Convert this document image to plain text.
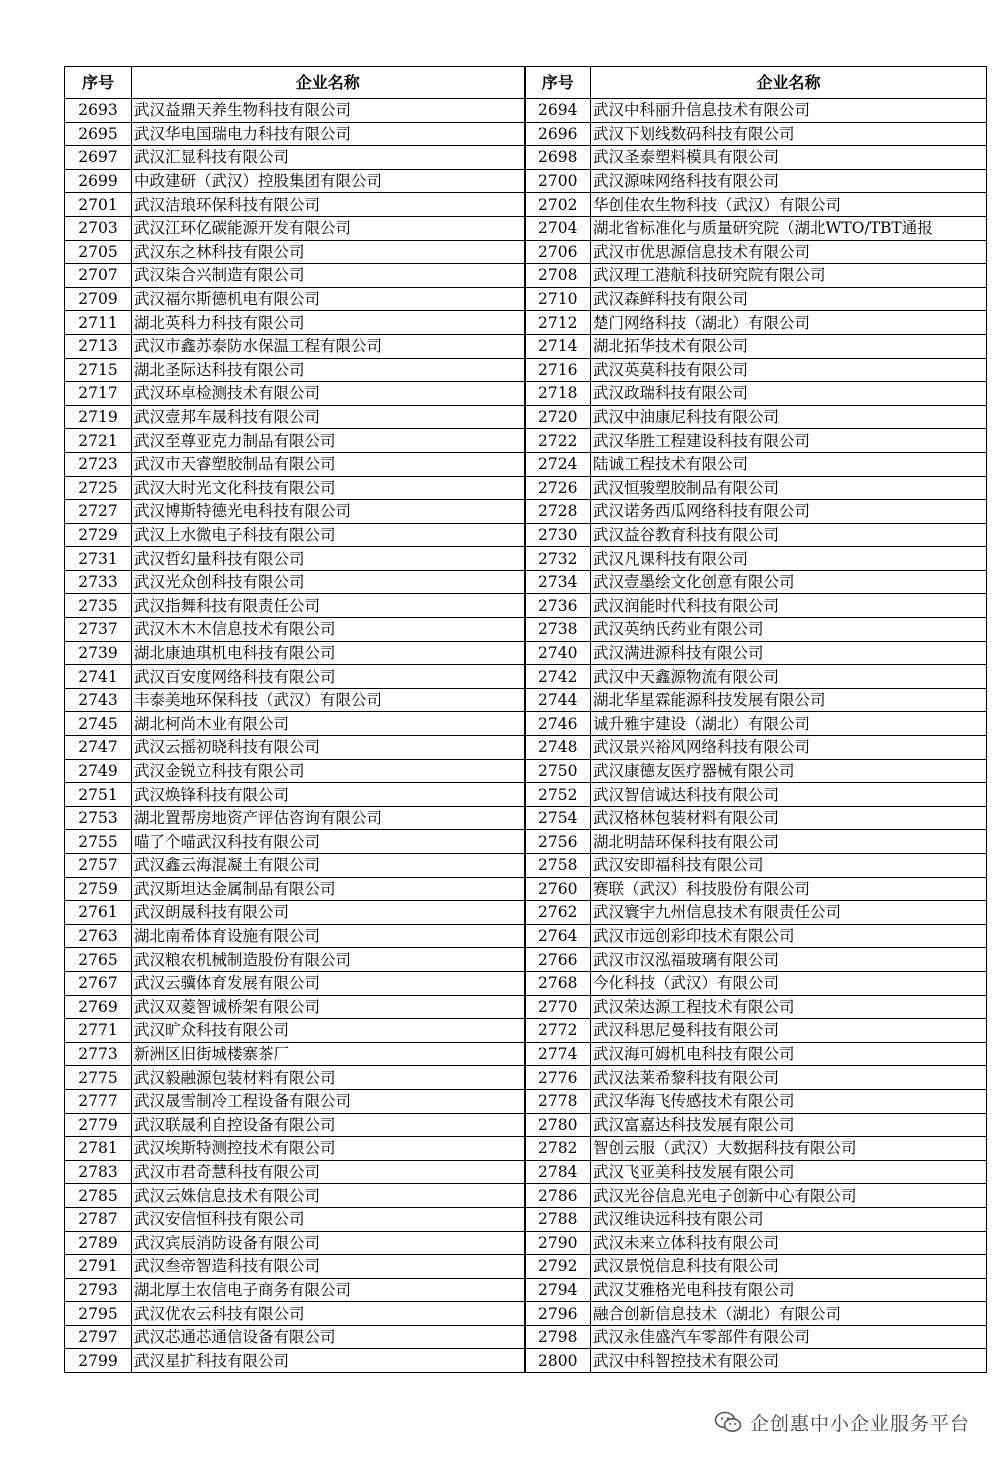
序号	企业名称	序号	企业名称
2693	武汉益鼎天养生物科技有限公司	2694	武汉中科丽升信息技术有限公司
2695	武汉华电国瑞电力科技有限公司	2696	武汉下划线数码科技有限公司
2697	武汉汇显科技有限公司	2698	武汉圣泰塑料模具有限公司
2699	中政建研（武汉）控股集团有限公司	2700	武汉源味网络科技有限公司
2701	武汉洁琅环保科技有限公司	2702	华创佳农生物科技（武汉）有限公司
2703	武汉江环亿碳能源开发有限公司	2704	湖北省标准化与质量研究院（湖北WTO/TBT通报
2705	武汉东之林科技有限公司	2706	武汉市优思源信息技术有限公司
2707	武汉柒合兴制造有限公司	2708	武汉理工港航科技研究院有限公司
2709	武汉福尔斯德机电有限公司	2710	武汉森鲜科技有限公司
2711	湖北英科力科技有限公司	2712	楚门网络科技（湖北）有限公司
2713	武汉市鑫苏泰防水保温工程有限公司	2714	湖北拓华技术有限公司
2715	湖北圣际达科技有限公司	2716	武汉英莫科技有限公司
2717	武汉环卓检测技术有限公司	2718	武汉政瑞科技有限公司
2719	武汉壹邦车晟科技有限公司	2720	武汉中油康尼科技有限公司
2721	武汉至尊亚克力制品有限公司	2722	武汉华胜工程建设科技有限公司
2723	武汉市天睿塑胶制品有限公司	2724	陆诚工程技术有限公司
2725	武汉大时光文化科技有限公司	2726	武汉恒骏塑胶制品有限公司
2727	武汉博斯特德光电科技有限公司	2728	武汉诺务西瓜网络科技有限公司
2729	武汉上水微电子科技有限公司	2730	武汉益谷教育科技有限公司
2731	武汉哲幻量科技有限公司	2732	武汉凡课科技有限公司
2733	武汉光众创科技有限公司	2734	武汉壹墨绘文化创意有限公司
2735	武汉指舞科技有限责任公司	2736	武汉润能时代科技有限公司
2737	武汉木木木信息技术有限公司	2738	武汉英纳氏药业有限公司
2739	湖北康迪琪机电科技有限公司	2740	武汉满进源科技有限公司
2741	武汉百安度网络科技有限公司	2742	武汉中天鑫源物流有限公司
2743	丰泰美地环保科技（武汉）有限公司	2744	湖北华星霖能源科技发展有限公司
2745	湖北柯尚木业有限公司	2746	诚升雅宇建设（湖北）有限公司
2747	武汉云摇初晓科技有限公司	2748	武汉景兴裕风网络科技有限公司
2749	武汉金锐立科技有限公司	2750	武汉康德友医疗器械有限公司
2751	武汉焕锋科技有限公司	2752	武汉智信诚达科技有限公司
2753	湖北置帮房地资产评估咨询有限公司	2754	武汉格林包装材料有限公司
2755	喵了个喵武汉科技有限公司	2756	湖北明喆环保科技有限公司
2757	武汉鑫云海混凝土有限公司	2758	武汉安即福科技有限公司
2759	武汉斯坦达金属制品有限公司	2760	赛联（武汉）科技股份有限公司
2761	武汉朗晟科技有限公司	2762	武汉寰宇九州信息技术有限责任公司
2763	湖北南希体育设施有限公司	2764	武汉市远创彩印技术有限公司
2765	武汉粮农机械制造股份有限公司	2766	武汉市汉泓福玻璃有限公司
2767	武汉云骥体育发展有限公司	2768	今化科技（武汉）有限公司
2769	武汉双菱智诚桥架有限公司	2770	武汉荣达源工程技术有限公司
2771	武汉旷众科技有限公司	2772	武汉科思尼曼科技有限公司
2773	新洲区旧街城楼寨茶厂	2774	武汉海可姆机电科技有限公司
2775	武汉毅融源包装材料有限公司	2776	武汉法莱希黎科技有限公司
2777	武汉晟雪制冷工程设备有限公司	2778	武汉华海飞传感技术有限公司
2779	武汉联晟利自控设备有限公司	2780	武汉富嘉达科技发展有限公司
2781	武汉埃斯特测控技术有限公司	2782	智创云服（武汉）大数据科技有限公司
2783	武汉市君奇慧科技有限公司	2784	武汉飞亚美科技发展有限公司
2785	武汉云姝信息技术有限公司	2786	武汉光谷信息光电子创新中心有限公司
2787	武汉安信恒科技有限公司	2788	武汉维诀远科技有限公司
2789	武汉宾辰消防设备有限公司	2790	武汉未来立体科技有限公司
2791	武汉叁帝智造科技有限公司	2792	武汉景悦信息科技有限公司
2793	湖北厚土农信电子商务有限公司	2794	武汉艾雅格光电科技有限公司
2795	武汉优农云科技有限公司	2796	融合创新信息技术（湖北）有限公司
2797	武汉芯通芯通信设备有限公司	2798	武汉永佳盛汽车零部件有限公司
2799	武汉星扩科技有限公司	2800	武汉中科智控技术有限公司
企创惠中小企业服务平台
